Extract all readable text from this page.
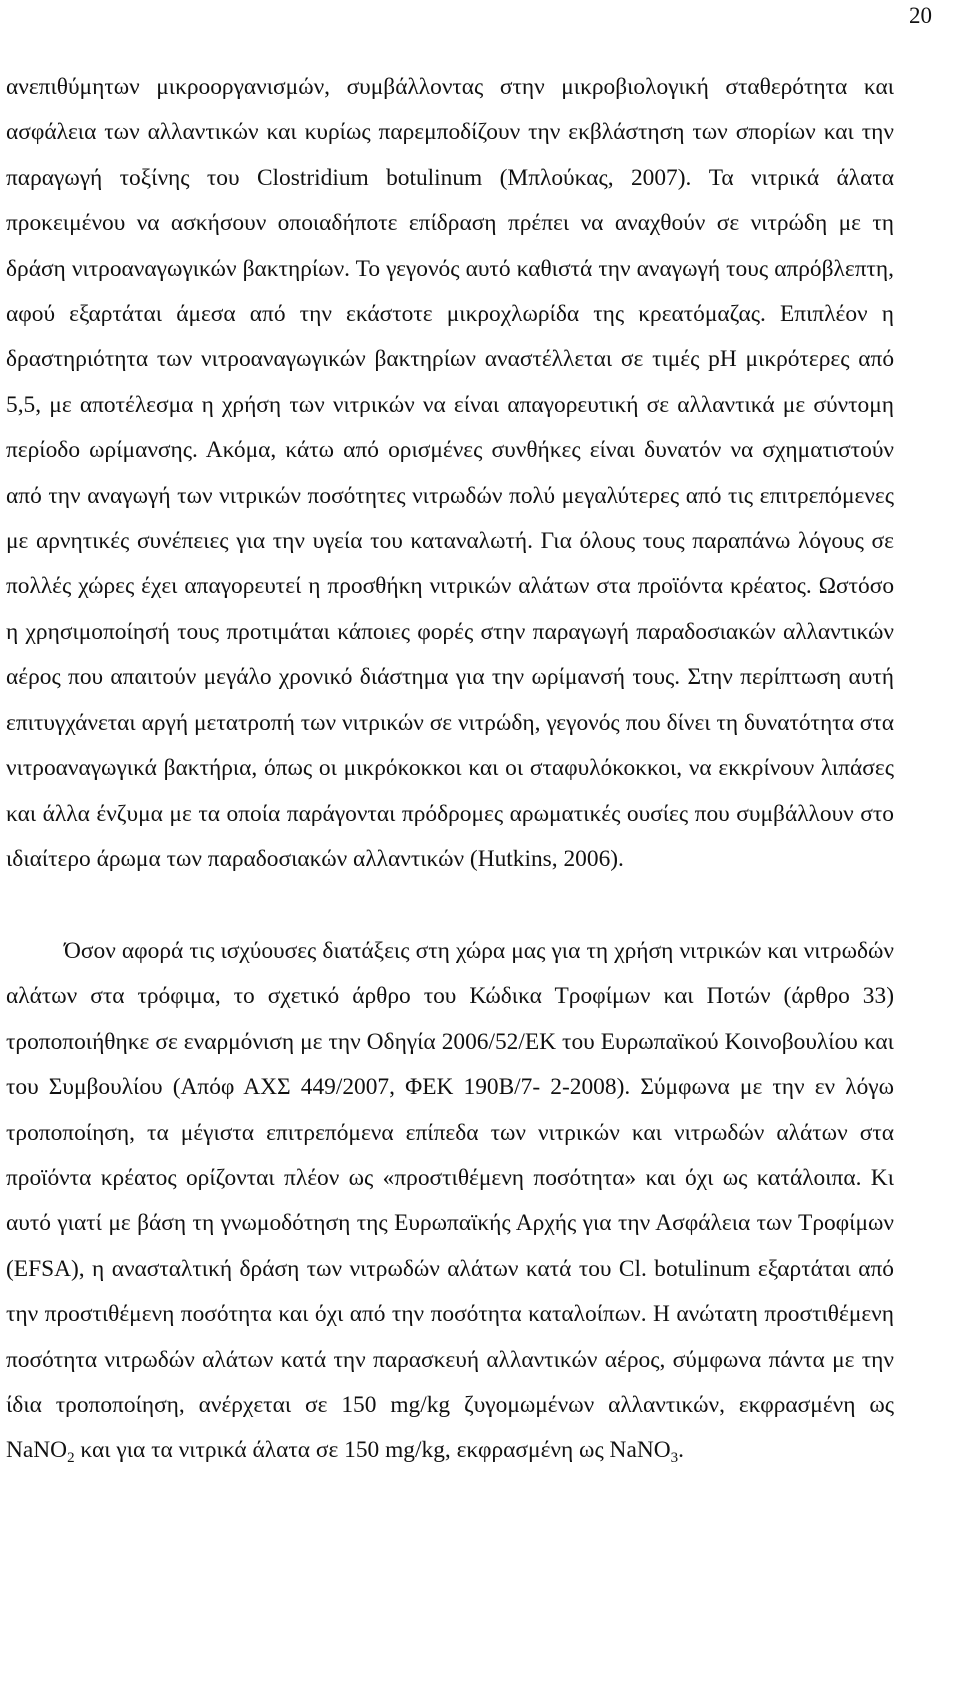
20

ανεπιθύμητων μικροοργανισμών, συμβάλλοντας στην μικροβιολογική σταθερότητα και ασφάλεια των αλλαντικών και κυρίως παρεμποδίζουν την εκβλάστηση των σπορίων και την παραγωγή τοξίνης του Clostridium botulinum (Μπλούκας, 2007). Τα νιτρικά άλατα προκειμένου να ασκήσουν οποιαδήποτε επίδραση πρέπει να αναχθούν σε νιτρώδη με τη δράση νιτροαναγωγικών βακτηρίων. Το γεγονός αυτό καθιστά την αναγωγή τους απρόβλεπτη, αφού εξαρτάται άμεσα από την εκάστοτε μικροχλωρίδα της κρεατόμαζας. Επιπλέον η δραστηριότητα των νιτροαναγωγικών βακτηρίων αναστέλλεται σε τιμές pH μικρότερες από 5,5, με αποτέλεσμα η χρήση των νιτρικών να είναι απαγορευτική σε αλλαντικά με σύντομη περίοδο ωρίμανσης. Ακόμα, κάτω από ορισμένες συνθήκες είναι δυνατόν να σχηματιστούν από την αναγωγή των νιτρικών ποσότητες νιτρωδών πολύ μεγαλύτερες από τις επιτρεπόμενες με αρνητικές συνέπειες για την υγεία του καταναλωτή. Για όλους τους παραπάνω λόγους σε πολλές χώρες έχει απαγορευτεί η προσθήκη νιτρικών αλάτων στα προϊόντα κρέατος. Ωστόσο η χρησιμοποίησή τους προτιμάται κάποιες φορές στην παραγωγή παραδοσιακών αλλαντικών αέρος που απαιτούν μεγάλο χρονικό διάστημα για την ωρίμανσή τους. Στην περίπτωση αυτή επιτυγχάνεται αργή μετατροπή των νιτρικών σε νιτρώδη, γεγονός που δίνει τη δυνατότητα στα νιτροαναγωγικά βακτήρια, όπως οι μικρόκοκκοι και οι σταφυλόκοκκοι, να εκκρίνουν λιπάσες και άλλα ένζυμα με τα οποία παράγονται πρόδρομες αρωματικές ουσίες που συμβάλλουν στο ιδιαίτερο άρωμα των παραδοσιακών αλλαντικών (Hutkins, 2006).

Όσον αφορά τις ισχύουσες διατάξεις στη χώρα μας για τη χρήση νιτρικών και νιτρωδών αλάτων στα τρόφιμα, το σχετικό άρθρο του Κώδικα Τροφίμων και Ποτών (άρθρο 33) τροποποιήθηκε σε εναρμόνιση με την Οδηγία 2006/52/ΕΚ του Ευρωπαϊκού Κοινοβουλίου και του Συμβουλίου (Απόφ ΑΧΣ 449/2007, ΦΕΚ 190Β/7- 2-2008). Σύμφωνα με την εν λόγω τροποποίηση, τα μέγιστα επιτρεπόμενα επίπεδα των νιτρικών και νιτρωδών αλάτων στα προϊόντα κρέατος ορίζονται πλέον ως «προστιθέμενη ποσότητα» και όχι ως κατάλοιπα. Κι αυτό γιατί με βάση τη γνωμοδότηση της Ευρωπαϊκής Αρχής για την Ασφάλεια των Τροφίμων (EFSA), η ανασταλτική δράση των νιτρωδών αλάτων κατά του Cl. botulinum εξαρτάται από την προστιθέμενη ποσότητα και όχι από την ποσότητα καταλοίπων. Η ανώτατη προστιθέμενη ποσότητα νιτρωδών αλάτων κατά την παρασκευή αλλαντικών αέρος, σύμφωνα πάντα με την ίδια τροποποίηση, ανέρχεται σε 150 mg/kg ζυγομωμένων αλλαντικών, εκφρασμένη ως NaNO$_2$ και για τα νιτρικά άλατα σε 150 mg/kg, εκφρασμένη ως NaNO$_3$.
